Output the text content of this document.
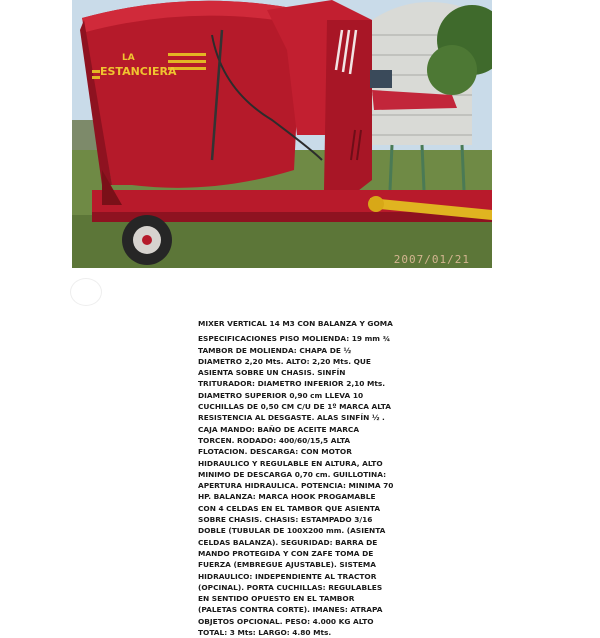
LA
ESTANCIERA
2007/01/21
MIXER VERTICAL 14 M3 CON BALANZA Y GOMA
ESPECIFICACIONES PISO MOLIENDA: 19 mm ¾
TAMBOR DE MOLIENDA: CHAPA DE ½
DIAMETRO 2,20 Mts. ALTO: 2,20 Mts. QUE
ASIENTA SOBRE UN CHASIS. SINFÍN
TRITURADOR: DIAMETRO INFERIOR 2,10 Mts.
DIAMETRO SUPERIOR 0,90 cm LLEVA 10
CUCHILLAS DE 0,50 CM C/U DE 1º MARCA ALTA
RESISTENCIA AL DESGASTE. ALAS SINFÍN ½ .
CAJA MANDO: BAÑO DE ACEITE MARCA
TORCEN. RODADO: 400/60/15,5 ALTA
FLOTACION. DESCARGA: CON MOTOR
HIDRAULICO Y REGULABLE EN ALTURA, ALTO
MINIMO DE DESCARGA 0,70 cm. GUILLOTINA:
APERTURA HIDRAULICA. POTENCIA: MINIMA 70
HP. BALANZA: MARCA HOOK PROGAMABLE
CON 4 CELDAS EN EL TAMBOR QUE ASIENTA
SOBRE CHASIS. CHASIS: ESTAMPADO 3/16
DOBLE (TUBULAR DE 100X200 mm. (ASIENTA
CELDAS BALANZA). SEGURIDAD: BARRA DE
MANDO PROTEGIDA Y CON ZAFE TOMA DE
FUERZA (EMBREGUE AJUSTABLE). SISTEMA
HIDRAULICO: INDEPENDIENTE AL TRACTOR
(OPCINAL). PORTA CUCHILLAS: REGULABLES
EN SENTIDO OPUESTO EN EL TAMBOR
(PALETAS CONTRA CORTE). IMANES: ATRAPA
OBJETOS OPCIONAL. PESO: 4.000 KG ALTO
TOTAL: 3 Mts: LARGO: 4.80 Mts.
